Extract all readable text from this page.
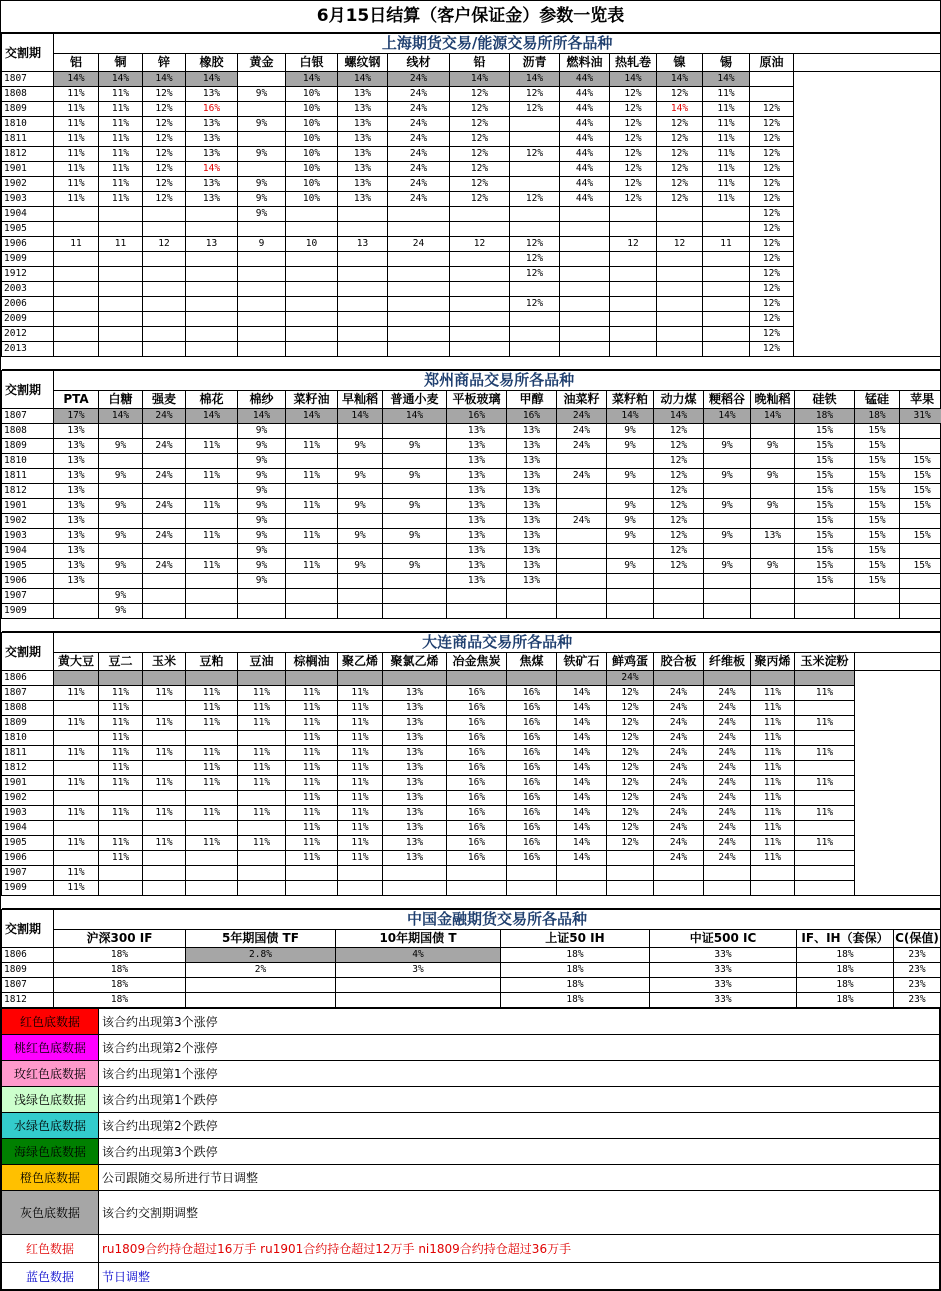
6月15日结算（客户保证金）参数一览表
交割期	上海期货交易/能源交易所所各品种															
	铝	铜	锌	橡胶	黄金	白银	螺纹钢	线材	铅	沥青	燃料油	热轧卷	镍	锡	原油	
1807	14%	14%	14%	14%		14%	14%	24%	14%	14%	44%	14%	14%	14%		
1808	11%	11%	12%	13%	9%	10%	13%	24%	12%	12%	44%	12%	12%	11%		
1809	11%	11%	12%	16%		10%	13%	24%	12%	12%	44%	12%	14%	11%	12%	
1810	11%	11%	12%	13%	9%	10%	13%	24%	12%		44%	12%	12%	11%	12%	
1811	11%	11%	12%	13%		10%	13%	24%	12%		44%	12%	12%	11%	12%	
1812	11%	11%	12%	13%	9%	10%	13%	24%	12%	12%	44%	12%	12%	11%	12%	
1901	11%	11%	12%	14%		10%	13%	24%	12%		44%	12%	12%	11%	12%	
1902	11%	11%	12%	13%	9%	10%	13%	24%	12%		44%	12%	12%	11%	12%	
1903	11%	11%	12%	13%	9%	10%	13%	24%	12%	12%	44%	12%	12%	11%	12%	
1904					9%										12%	
1905															12%	
1906	11	11	12	13	9	10	13	24	12	12%		12	12	11	12%	
1909										12%					12%	
1912										12%					12%	
2003															12%	
2006										12%					12%	
2009															12%	
2012															12%	
2013															12%	

交割期	郑州商品交易所各品种																	
	PTA	白糖	强麦	棉花	棉纱	菜籽油	早籼稻	普通小麦	平板玻璃	甲醇	油菜籽	菜籽粕	动力煤	粳稻谷	晚籼稻	硅铁	锰硅	苹果
1807	17%	14%	24%	14%	14%	14%	14%	14%	16%	16%	24%	14%	14%	14%	14%	18%	18%	31%
1808	13%				9%				13%	13%	24%	9%	12%			15%	15%	
1809	13%	9%	24%	11%	9%	11%	9%	9%	13%	13%	24%	9%	12%	9%	9%	15%	15%	
1810	13%				9%				13%	13%			12%			15%	15%	15%
1811	13%	9%	24%	11%	9%	11%	9%	9%	13%	13%	24%	9%	12%	9%	9%	15%	15%	15%
1812	13%				9%				13%	13%			12%			15%	15%	15%
1901	13%	9%	24%	11%	9%	11%	9%	9%	13%	13%		9%	12%	9%	9%	15%	15%	15%
1902	13%				9%				13%	13%	24%	9%	12%			15%	15%	
1903	13%	9%	24%	11%	9%	11%	9%	9%	13%	13%		9%	12%	9%	13%	15%	15%	15%
1904	13%				9%				13%	13%			12%			15%	15%	
1905	13%	9%	24%	11%	9%	11%	9%	9%	13%	13%		9%	12%	9%	9%	15%	15%	15%
1906	13%				9%				13%	13%						15%	15%	
1907		9%																
1909		9%																

交割期	大连商品交易所各品种																
	黄大豆	豆二	玉米	豆粕	豆油	棕榈油	聚乙烯	聚氯乙烯	冶金焦炭	焦煤	铁矿石	鲜鸡蛋	胶合板	纤维板	聚丙烯	玉米淀粉	
1806												24%					
1807	11%	11%	11%	11%	11%	11%	11%	13%	16%	16%	14%	12%	24%	24%	11%	11%	
1808		11%		11%	11%	11%	11%	13%	16%	16%	14%	12%	24%	24%	11%		
1809	11%	11%	11%	11%	11%	11%	11%	13%	16%	16%	14%	12%	24%	24%	11%	11%	
1810		11%				11%	11%	13%	16%	16%	14%	12%	24%	24%	11%		
1811	11%	11%	11%	11%	11%	11%	11%	13%	16%	16%	14%	12%	24%	24%	11%	11%	
1812		11%		11%	11%	11%	11%	13%	16%	16%	14%	12%	24%	24%	11%		
1901	11%	11%	11%	11%	11%	11%	11%	13%	16%	16%	14%	12%	24%	24%	11%	11%	
1902						11%	11%	13%	16%	16%	14%	12%	24%	24%	11%		
1903	11%	11%	11%	11%	11%	11%	11%	13%	16%	16%	14%	12%	24%	24%	11%	11%	
1904						11%	11%	13%	16%	16%	14%	12%	24%	24%	11%		
1905	11%	11%	11%	11%	11%	11%	11%	13%	16%	16%	14%	12%	24%	24%	11%	11%	
1906		11%				11%	11%	13%	16%	16%	14%		24%	24%	11%		
1907	11%																
1909	11%																

交割期	中国金融期货交易所各品种						
	沪深300 IF	5年期国债 TF	10年期国债 T	上证50 IH	中证500 IC	IF、IH（套保）	C(保值)
1806	18%	2.8%	4%	18%	33%	18%	23%
1809	18%	2%	3%	18%	33%	18%	23%
1807	18%			18%	33%	18%	23%
1812	18%			18%	33%	18%	23%
红色底数据	该合约出现第3个涨停
桃红色底数据	该合约出现第2个涨停
玫红色底数据	该合约出现第1个涨停
浅绿色底数据	该合约出现第1个跌停
水绿色底数据	该合约出现第2个跌停
海绿色底数据	该合约出现第3个跌停
橙色底数据	公司跟随交易所进行节日调整
灰色底数据	该合约交割期调整
红色数据	ru1809合约持仓超过16万手 ru1901合约持仓超过12万手 ni1809合约持仓超过36万手
蓝色数据	节日调整
